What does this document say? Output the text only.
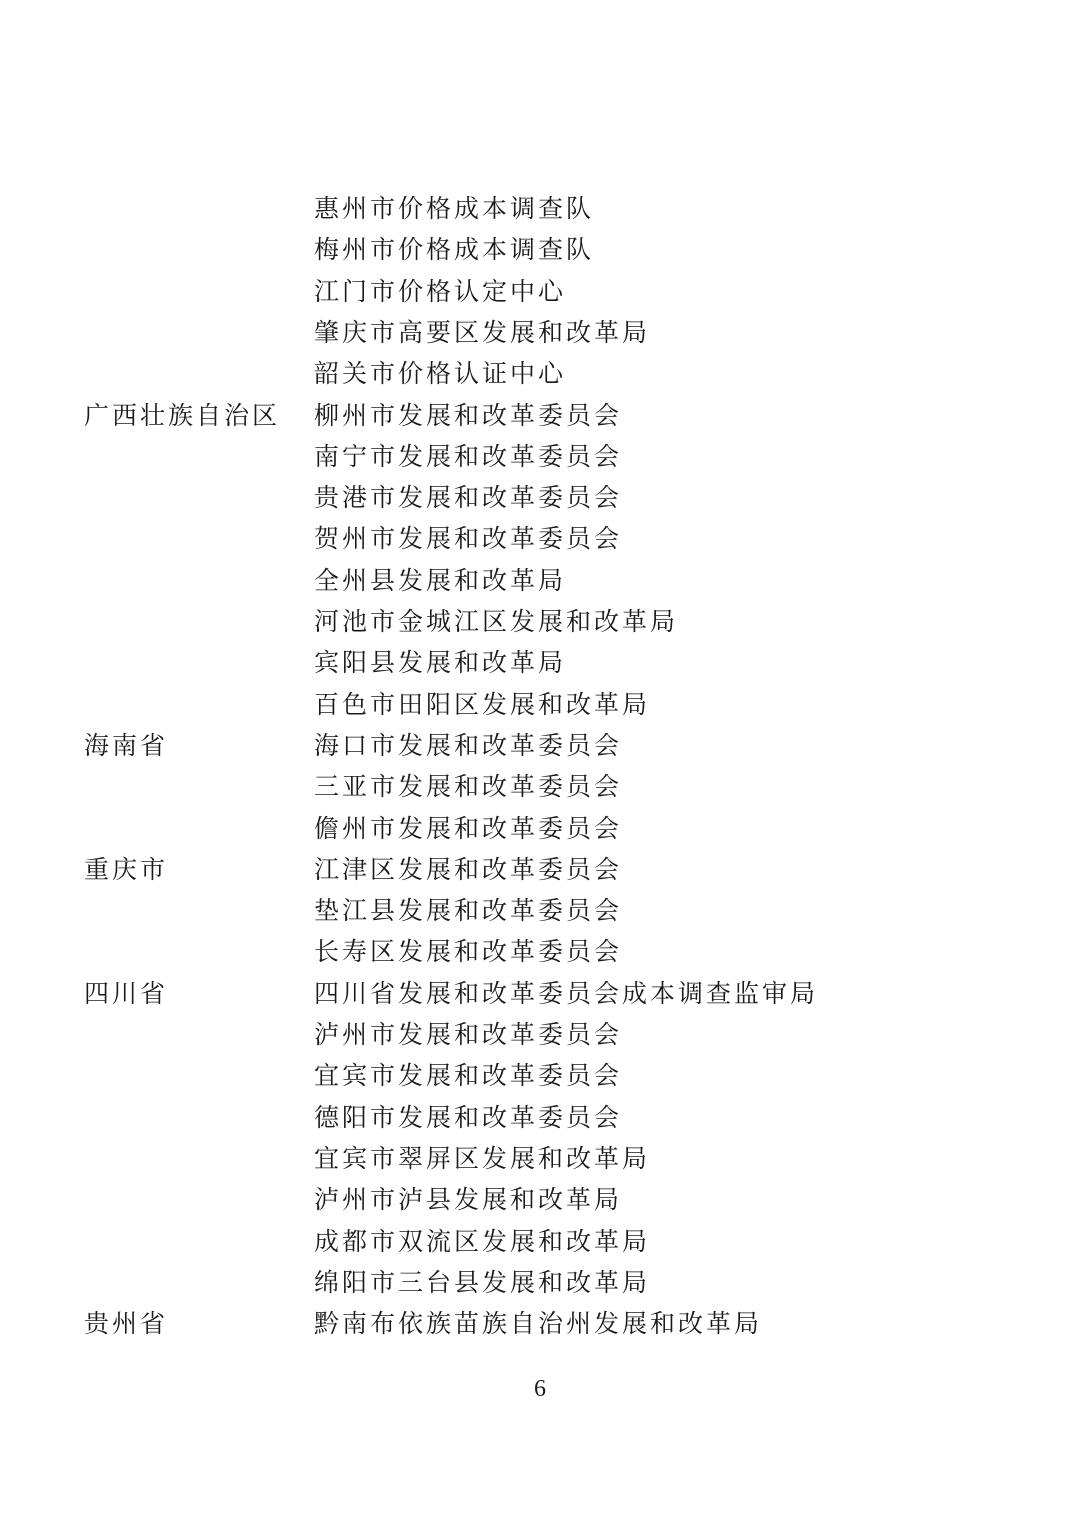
惠州市价格成本调查队
梅州市价格成本调查队
江门市价格认定中心
肇庆市高要区发展和改革局
韶关市价格认证中心
广西壮族自治区 柳州市发展和改革委员会
南宁市发展和改革委员会
贵港市发展和改革委员会
贺州市发展和改革委员会
全州县发展和改革局
河池市金城江区发展和改革局
宾阳县发展和改革局
百色市田阳区发展和改革局
海南省	海口市发展和改革委员会
三亚市发展和改革委员会
儋州市发展和改革委员会
重庆市	江津区发展和改革委员会
垫江县发展和改革委员会
长寿区发展和改革委员会
四川省	四川省发展和改革委员会成本调查监审局
泸州市发展和改革委员会
宜宾市发展和改革委员会
德阳市发展和改革委员会
宜宾市翠屏区发展和改革局
泸州市泸县发展和改革局
成都市双流区发展和改革局
绵阳市三台县发展和改革局
贵州省	黔南布依族苗族自治州发展和改革局
6
